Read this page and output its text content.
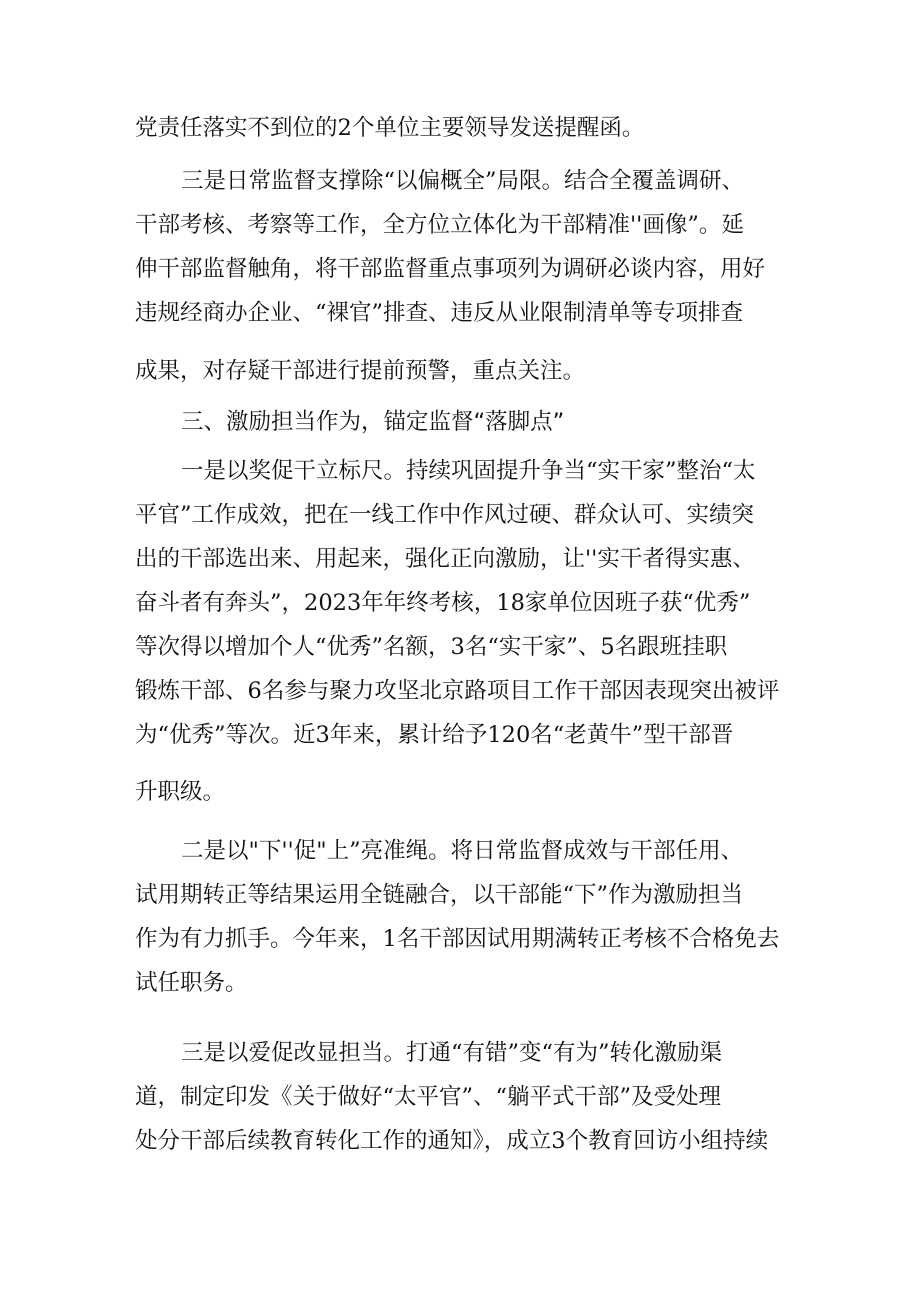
党责任落实不到位的2个单位主要领导发送提醒函。
三是日常监督支撑除“以偏概全”局限。结合全覆盖调研、
干部考核、考察等工作，全方位立体化为干部精准''画像”。延
伸干部监督触角，将干部监督重点事项列为调研必谈内容，用好
违规经商办企业、“裸官”排查、违反从业限制清单等专项排查
成果，对存疑干部进行提前预警，重点关注。
三、激励担当作为，锚定监督“落脚点”
一是以奖促干立标尺。持续巩固提升争当“实干家”整治“太
平官”工作成效，把在一线工作中作风过硬、群众认可、实绩突
出的干部选出来、用起来，强化正向激励，让''实干者得实惠、
奋斗者有奔头”，2023年年终考核，18家单位因班子获“优秀”
等次得以增加个人“优秀”名额，3名“实干家”、5名跟班挂职
锻炼干部、6名参与聚力攻坚北京路项目工作干部因表现突出被评
为“优秀”等次。近3年来，累计给予120名“老黄牛”型干部晋
升职级。
二是以"下''促"上”亮准绳。将日常监督成效与干部任用、
试用期转正等结果运用全链融合，以干部能“下”作为激励担当
作为有力抓手。今年来，1名干部因试用期满转正考核不合格免去
试任职务。
三是以爱促改显担当。打通“有错”变“有为”转化激励渠
道，制定印发《关于做好“太平官”、“躺平式干部”及受处理
处分干部后续教育转化工作的通知》，成立3个教育回访小组持续
